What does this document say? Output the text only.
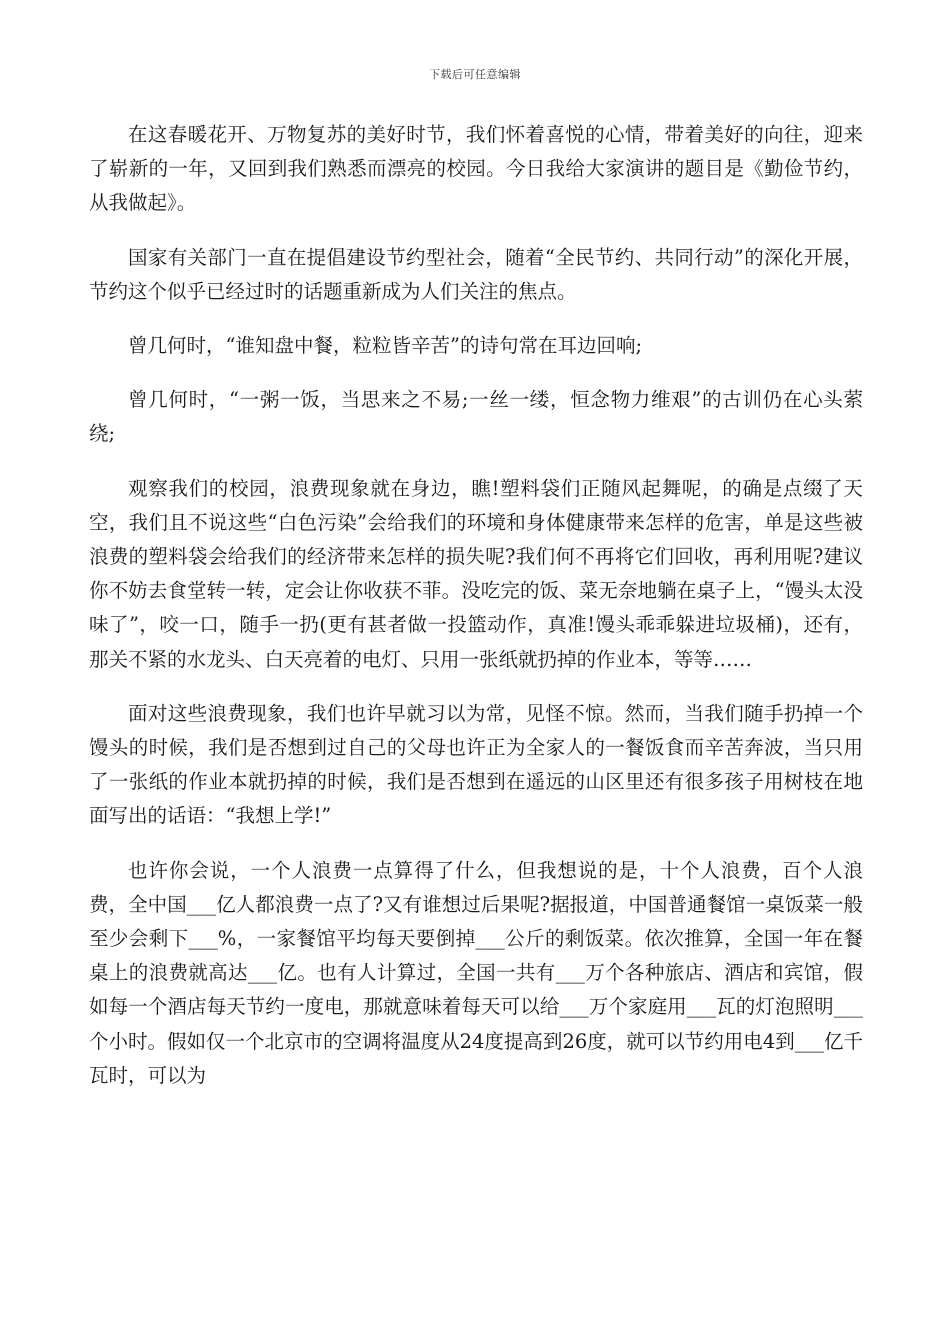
下载后可任意编辑

在这春暖花开、万物复苏的美好时节，我们怀着喜悦的心情，带着美好的向往，迎来了崭新的一年，又回到我们熟悉而漂亮的校园。今日我给大家演讲的题目是《勤俭节约，从我做起》。

国家有关部门一直在提倡建设节约型社会，随着“全民节约、共同行动”的深化开展，节约这个似乎已经过时的话题重新成为人们关注的焦点。

曾几何时，“谁知盘中餐，粒粒皆辛苦”的诗句常在耳边回响;

曾几何时，“一粥一饭，当思来之不易;一丝一缕，恒念物力维艰”的古训仍在心头萦绕;

观察我们的校园，浪费现象就在身边，瞧!塑料袋们正随风起舞呢，的确是点缀了天空，我们且不说这些“白色污染”会给我们的环境和身体健康带来怎样的危害，单是这些被浪费的塑料袋会给我们的经济带来怎样的损失呢?我们何不再将它们回收，再利用呢?建议你不妨去食堂转一转，定会让你收获不菲。没吃完的饭、菜无奈地躺在桌子上，“馒头太没味了”，咬一口，随手一扔(更有甚者做一投篮动作，真准!馒头乖乖躲进垃圾桶)，还有，那关不紧的水龙头、白天亮着的电灯、只用一张纸就扔掉的作业本，等等……

面对这些浪费现象，我们也许早就习以为常，见怪不惊。然而，当我们随手扔掉一个馒头的时候，我们是否想到过自己的父母也许正为全家人的一餐饭食而辛苦奔波，当只用了一张纸的作业本就扔掉的时候，我们是否想到在遥远的山区里还有很多孩子用树枝在地面写出的话语：“我想上学!”

也许你会说，一个人浪费一点算得了什么，但我想说的是，十个人浪费，百个人浪费，全中国___亿人都浪费一点了?又有谁想过后果呢?据报道，中国普通餐馆一桌饭菜一般至少会剩下___%，一家餐馆平均每天要倒掉___公斤的剩饭菜。依次推算，全国一年在餐桌上的浪费就高达___亿。也有人计算过，全国一共有___万个各种旅店、酒店和宾馆，假如每一个酒店每天节约一度电，那就意味着每天可以给___万个家庭用___瓦的灯泡照明___个小时。假如仅一个北京市的空调将温度从24度提高到26度，就可以节约用电4到___亿千瓦时，可以为
